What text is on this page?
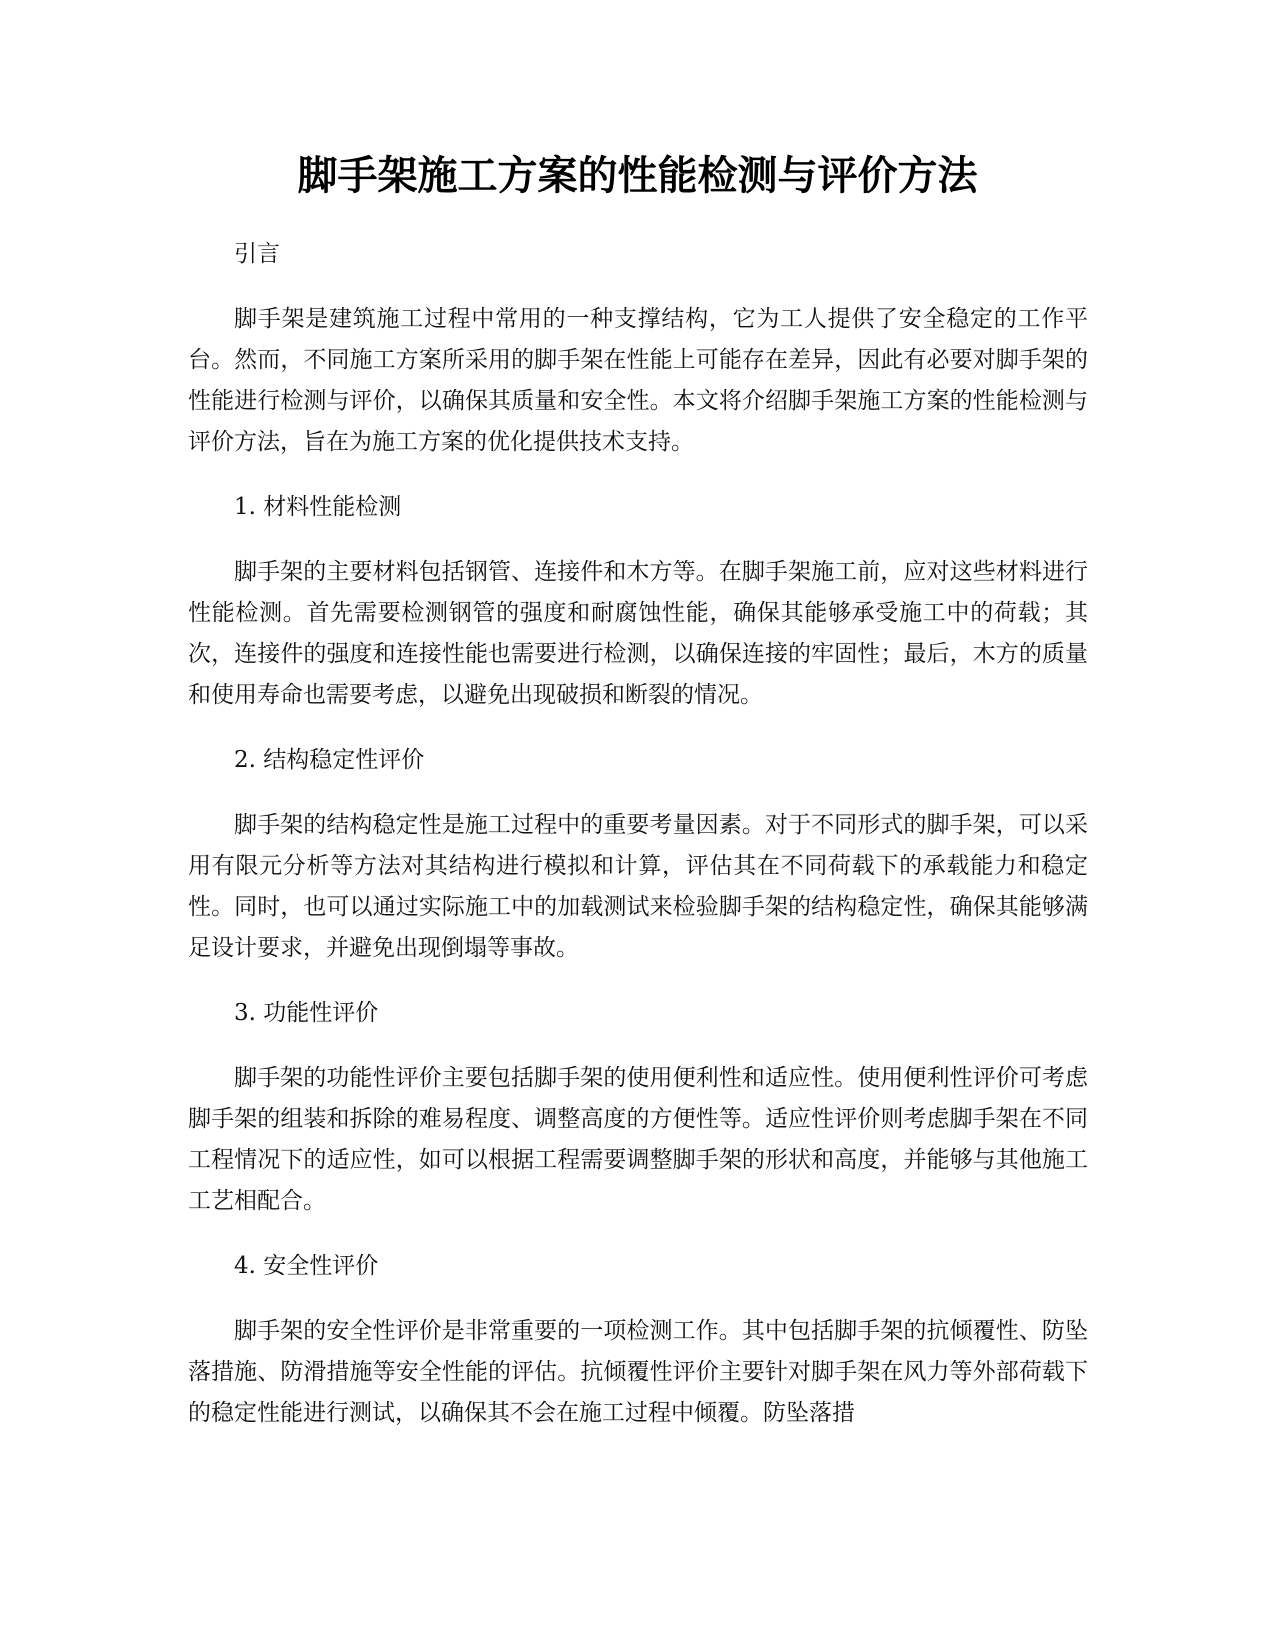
脚手架施工方案的性能检测与评价方法

引言

脚手架是建筑施工过程中常用的一种支撑结构，它为工人提供了安全稳定的工作平台。然而，不同施工方案所采用的脚手架在性能上可能存在差异，因此有必要对脚手架的性能进行检测与评价，以确保其质量和安全性。本文将介绍脚手架施工方案的性能检测与评价方法，旨在为施工方案的优化提供技术支持。

1. 材料性能检测

脚手架的主要材料包括钢管、连接件和木方等。在脚手架施工前，应对这些材料进行性能检测。首先需要检测钢管的强度和耐腐蚀性能，确保其能够承受施工中的荷载；其次，连接件的强度和连接性能也需要进行检测，以确保连接的牢固性；最后，木方的质量和使用寿命也需要考虑，以避免出现破损和断裂的情况。

2. 结构稳定性评价

脚手架的结构稳定性是施工过程中的重要考量因素。对于不同形式的脚手架，可以采用有限元分析等方法对其结构进行模拟和计算，评估其在不同荷载下的承载能力和稳定性。同时，也可以通过实际施工中的加载测试来检验脚手架的结构稳定性，确保其能够满足设计要求，并避免出现倒塌等事故。

3. 功能性评价

脚手架的功能性评价主要包括脚手架的使用便利性和适应性。使用便利性评价可考虑脚手架的组装和拆除的难易程度、调整高度的方便性等。适应性评价则考虑脚手架在不同工程情况下的适应性，如可以根据工程需要调整脚手架的形状和高度，并能够与其他施工工艺相配合。

4. 安全性评价

脚手架的安全性评价是非常重要的一项检测工作。其中包括脚手架的抗倾覆性、防坠落措施、防滑措施等安全性能的评估。抗倾覆性评价主要针对脚手架在风力等外部荷载下的稳定性能进行测试，以确保其不会在施工过程中倾覆。防坠落措
